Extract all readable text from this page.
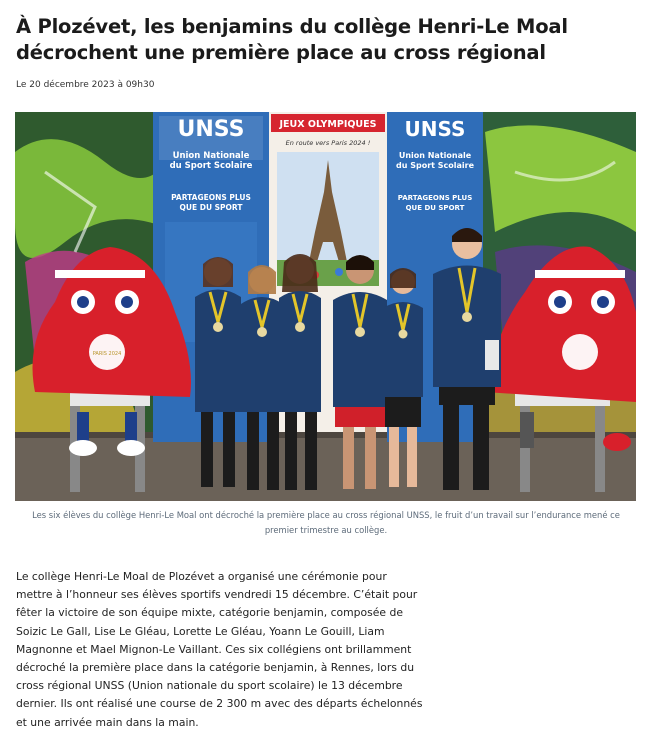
À Plozévet, les benjamins du collège Henri-Le Moal décrochent une première place au cross régional
Le 20 décembre 2023 à 09h30
UNSS
Union Nationale du Sport Scolaire
PARTAGEONS PLUS QUE DU SPORT
JEUX OLYMPIQUES
En route vers Paris 2024 !
UNSS
Union Nationale du Sport Scolaire
PARTAGEONS PLUS QUE DU SPORT
PARIS 2024
Les six élèves du collège Henri-Le Moal ont décroché la première place au cross régional UNSS, le fruit d’un travail sur l’endurance mené ce premier trimestre au collège.

Le collège Henri-Le Moal de Plozévet a organisé une cérémonie pour mettre à l’honneur ses élèves sportifs vendredi 15 décembre. C’était pour fêter la victoire de son équipe mixte, catégorie benjamin, composée de Soizic Le Gall, Lise Le Gléau, Lorette Le Gléau, Yoann Le Gouill, Liam Magnonne et Mael Mignon-Le Vaillant. Ces six collégiens ont brillamment décroché la première place dans la catégorie benjamin, à Rennes, lors du cross régional UNSS (Union nationale du sport scolaire) le 13 décembre dernier. Ils ont réalisé une course de 2 300 m avec des départs échelonnés et une arrivée main dans la main.
